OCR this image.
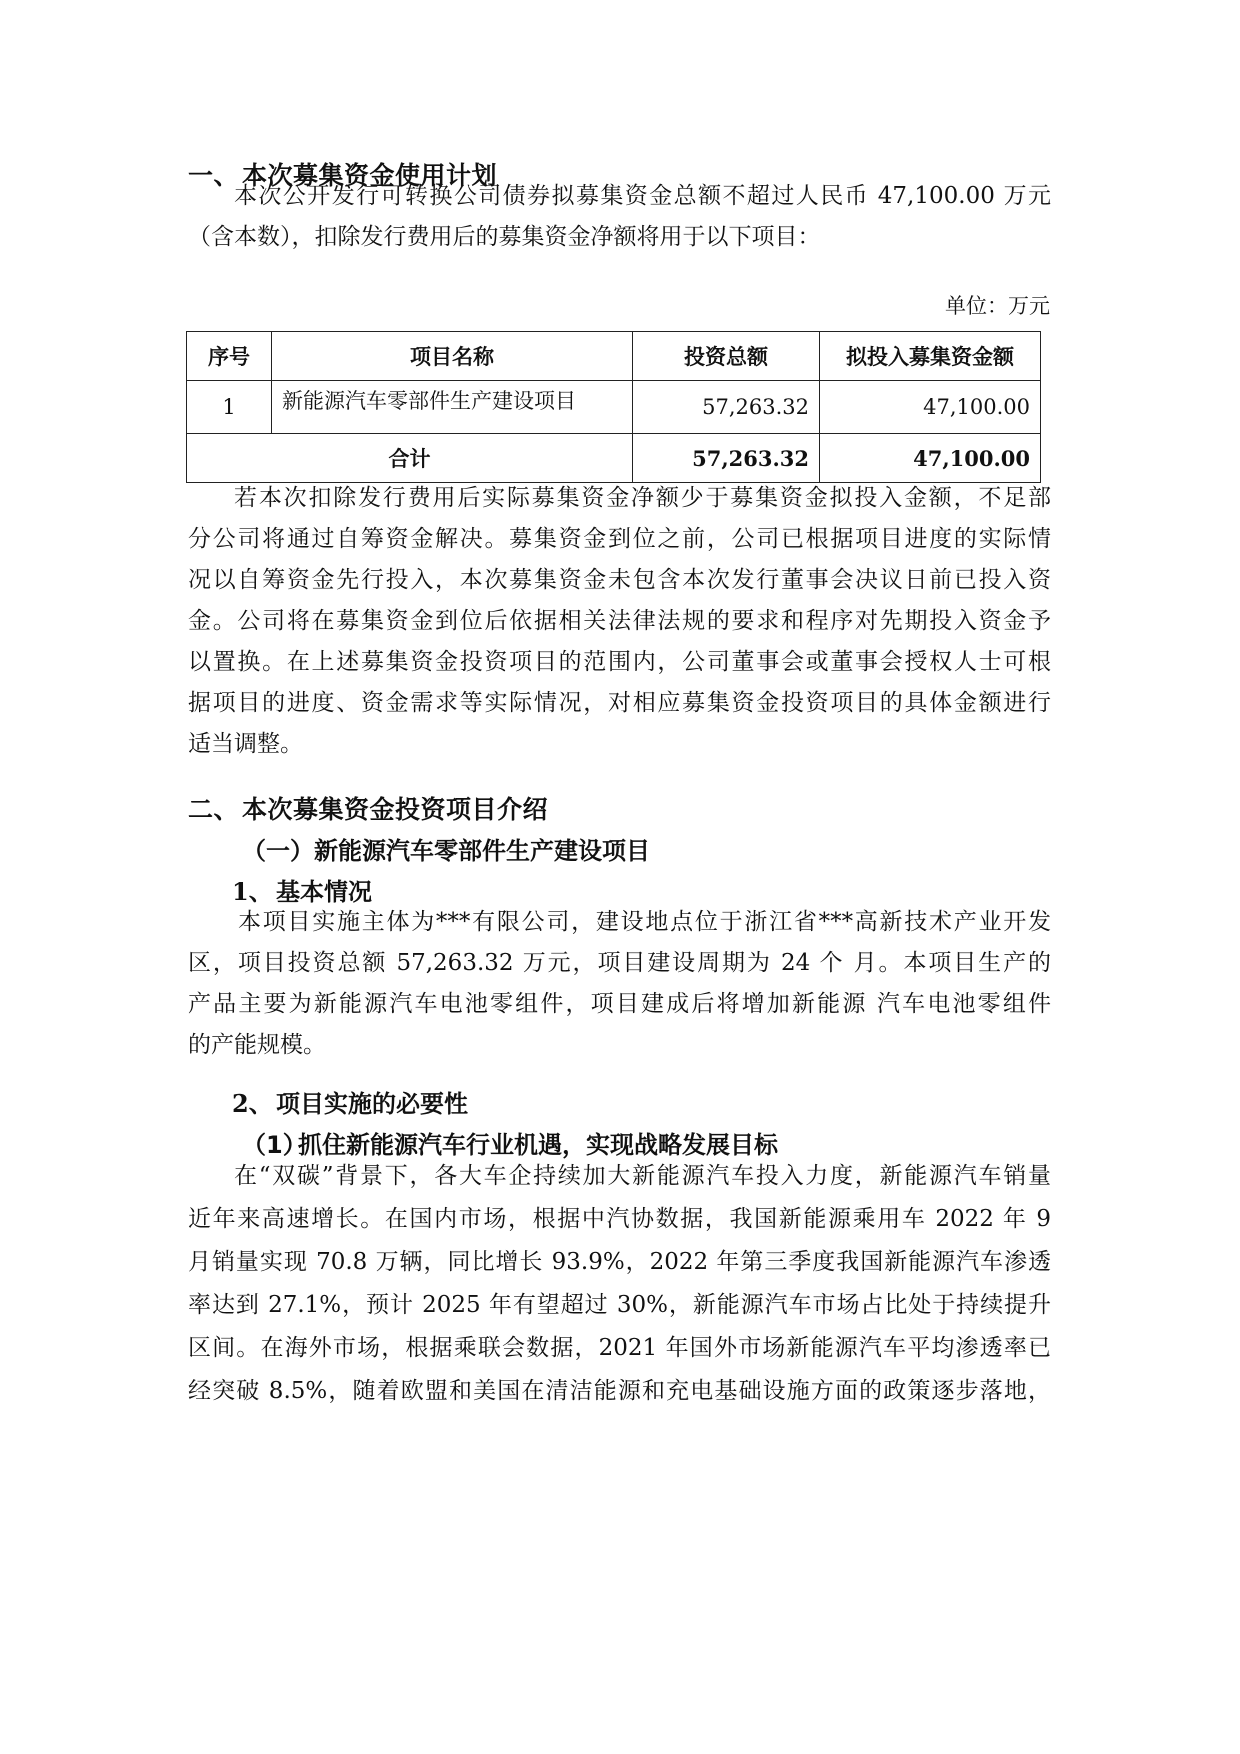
一、 本次募集资金使用计划
本次公开发行可转换公司债券拟募集资金总额不超过人民币 47,100.00 万元
（含本数），扣除发行费用后的募集资金净额将用于以下项目：
单位：万元
序号	项目名称	投资总额	拟投入募集资金额
1	新能源汽车零部件生产建设项目	57,263.32	47,100.00
合计		57,263.32	47,100.00
若本次扣除发行费用后实际募集资金净额少于募集资金拟投入金额，不足部
分公司将通过自筹资金解决。募集资金到位之前，公司已根据项目进度的实际情
况以自筹资金先行投入，本次募集资金未包含本次发行董事会决议日前已投入资
金。公司将在募集资金到位后依据相关法律法规的要求和程序对先期投入资金予
以置换。在上述募集资金投资项目的范围内，公司董事会或董事会授权人士可根
据项目的进度、资金需求等实际情况，对相应募集资金投资项目的具体金额进行
适当调整。
二、 本次募集资金投资项目介绍
（一）新能源汽车零部件生产建设项目
1、 基本情况
本项目实施主体为***有限公司，建设地点位于浙江省***高新技术产业开发
区，项目投资总额 57,263.32 万元，项目建设周期为 24 个 月。本项目生产的
产品主要为新能源汽车电池零组件，项目建成后将增加新能源 汽车电池零组件
的产能规模。
2、 项目实施的必要性
（1）抓住新能源汽车行业机遇，实现战略发展目标
在“双碳”背景下，各大车企持续加大新能源汽车投入力度，新能源汽车销量
近年来高速增长。在国内市场，根据中汽协数据，我国新能源乘用车 2022 年 9
月销量实现 70.8 万辆，同比增长 93.9%，2022 年第三季度我国新能源汽车渗透
率达到 27.1%，预计 2025 年有望超过 30%，新能源汽车市场占比处于持续提升
区间。在海外市场，根据乘联会数据，2021 年国外市场新能源汽车平均渗透率已
经突破 8.5%，随着欧盟和美国在清洁能源和充电基础设施方面的政策逐步落地，
